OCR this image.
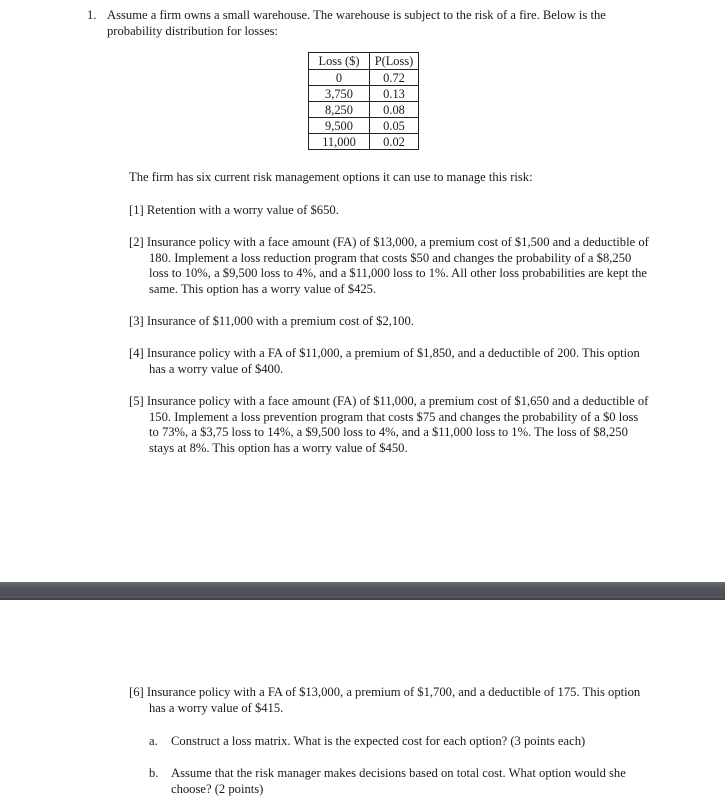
1. Assume a firm owns a small warehouse. The warehouse is subject to the risk of a fire. Below is the probability distribution for losses:
Loss ($)	P(Loss)
0	0.72
3,750	0.13
8,250	0.08
9,500	0.05
11,000	0.02
The firm has six current risk management options it can use to manage this risk:
[1] Retention with a worry value of $650.
[2] Insurance policy with a face amount (FA) of $13,000, a premium cost of $1,500 and a deductible of 180. Implement a loss reduction program that costs $50 and changes the probability of a $8,250 loss to 10%, a $9,500 loss to 4%, and a $11,000 loss to 1%. All other loss probabilities are kept the same. This option has a worry value of $425.
[3] Insurance of $11,000 with a premium cost of $2,100.
[4] Insurance policy with a FA of $11,000, a premium of $1,850, and a deductible of 200. This option has a worry value of $400.
[5] Insurance policy with a face amount (FA) of $11,000, a premium cost of $1,650 and a deductible of 150. Implement a loss prevention program that costs $75 and changes the probability of a $0 loss to 73%, a $3,75 loss to 14%, a $9,500 loss to 4%, and a $11,000 loss to 1%. The loss of $8,250 stays at 8%. This option has a worry value of $450.
[6] Insurance policy with a FA of $13,000, a premium of $1,700, and a deductible of 175. This option has a worry value of $415.
a. Construct a loss matrix. What is the expected cost for each option? (3 points each)
b. Assume that the risk manager makes decisions based on total cost. What option would she choose? (2 points)
